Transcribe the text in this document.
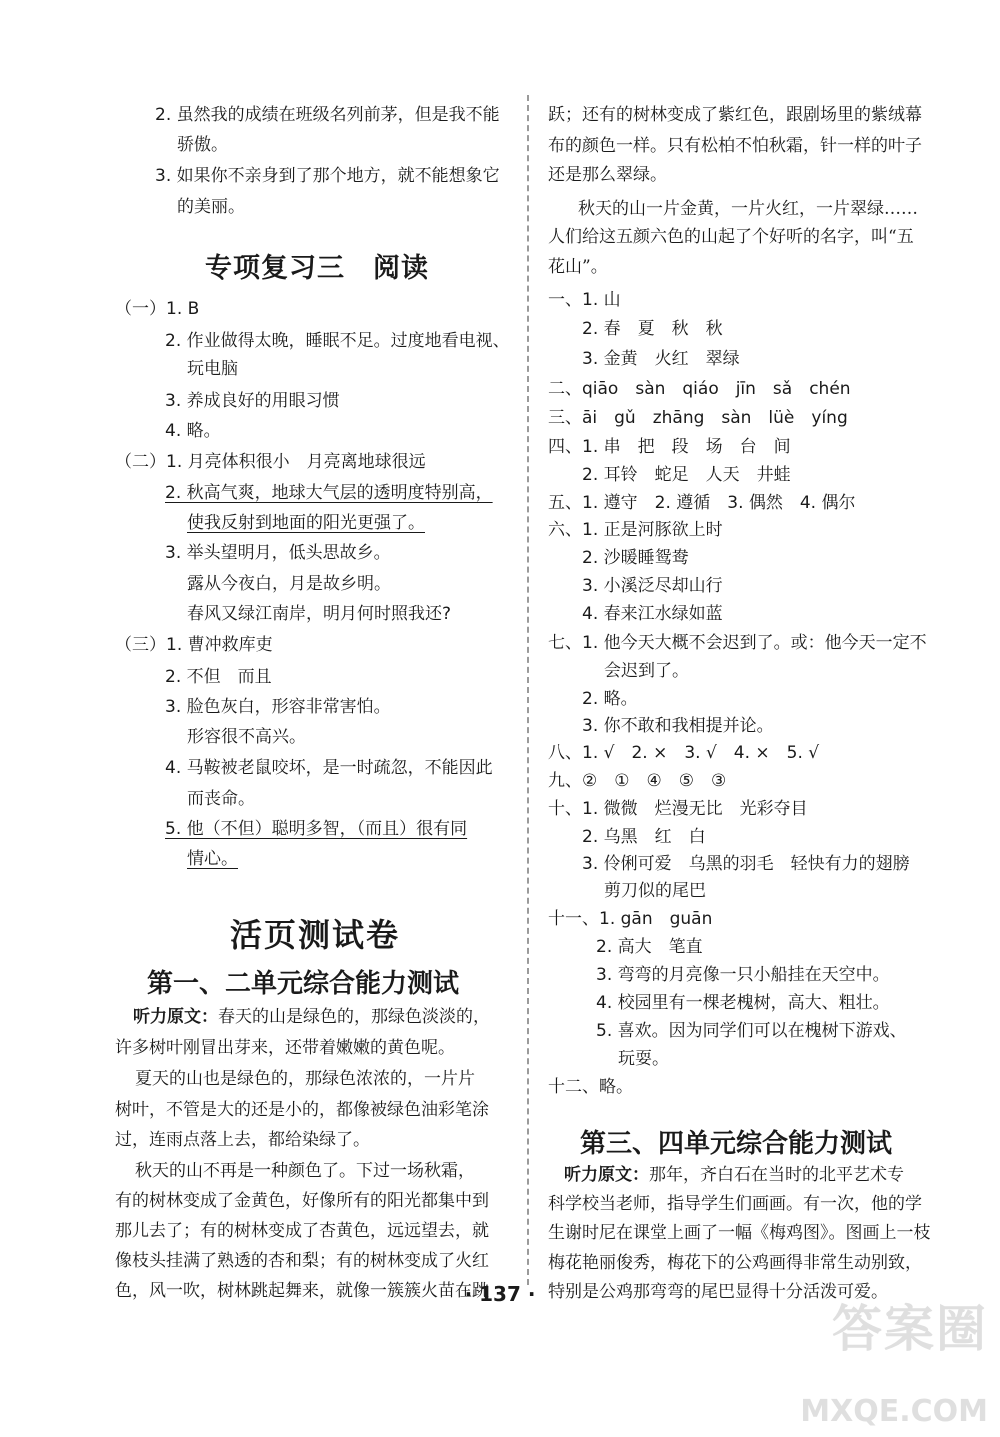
2. 虽然我的成绩在班级名列前茅，但是我不能
骄傲。
3. 如果你不亲身到了那个地方，就不能想象它
的美丽。
专项复习三　阅读
（一）1. B
2. 作业做得太晚，睡眠不足。过度地看电视、
玩电脑
3. 养成良好的用眼习惯
4. 略。
（二）1. 月亮体积很小　月亮离地球很远
2. 秋高气爽，地球大气层的透明度特别高，
使我反射到地面的阳光更强了。
3. 举头望明月，低头思故乡。
露从今夜白，月是故乡明。
春风又绿江南岸，明月何时照我还?
（三）1. 曹冲救库吏
2. 不但　而且
3. 脸色灰白，形容非常害怕。
形容很不高兴。
4. 马鞍被老鼠咬坏，是一时疏忽，不能因此
而丧命。
5. 他（不但）聪明多智，（而且）很有同
情心。
活页测试卷
第一、二单元综合能力测试
听力原文：春天的山是绿色的，那绿色淡淡的，
许多树叶刚冒出芽来，还带着嫩嫩的黄色呢。
夏天的山也是绿色的，那绿色浓浓的，一片片
树叶，不管是大的还是小的，都像被绿色油彩笔涂
过，连雨点落上去，都给染绿了。
秋天的山不再是一种颜色了。下过一场秋霜，
有的树林变成了金黄色，好像所有的阳光都集中到
那儿去了；有的树林变成了杏黄色，远远望去，就
像枝头挂满了熟透的杏和梨；有的树林变成了火红
色，风一吹，树林跳起舞来，就像一簇簇火苗在跳
跃；还有的树林变成了紫红色，跟剧场里的紫绒幕
布的颜色一样。只有松柏不怕秋霜，针一样的叶子
还是那么翠绿。
秋天的山一片金黄，一片火红，一片翠绿……
人们给这五颜六色的山起了个好听的名字，叫“五
花山”。
一、1. 山
2. 春　夏　秋　秋
3. 金黄　火红　翠绿
二、qiāo　sàn　qiáo　jīn　sǎ　chén
三、āi　gǔ　zhāng　sàn　lüè　yíng
四、1. 串　把　段　场　台　间
2. 耳铃　蛇足　人天　井蛙
五、1. 遵守　2. 遵循　3. 偶然　4. 偶尔
六、1. 正是河豚欲上时
2. 沙暖睡鸳鸯
3. 小溪泛尽却山行
4. 春来江水绿如蓝
七、1. 他今天大概不会迟到了。或：他今天一定不
会迟到了。
2. 略。
3. 你不敢和我相提并论。
八、1. √　2. ×　3. √　4. ×　5. √
九、②　①　④　⑤　③
十、1. 微微　烂漫无比　光彩夺目
2. 乌黑　红　白
3. 伶俐可爱　乌黑的羽毛　轻快有力的翅膀
剪刀似的尾巴
十一、1. gān　guān
2. 高大　笔直
3. 弯弯的月亮像一只小船挂在天空中。
4. 校园里有一棵老槐树，高大、粗壮。
5. 喜欢。因为同学们可以在槐树下游戏、
玩耍。
十二、略。
第三、四单元综合能力测试
听力原文：那年，齐白石在当时的北平艺术专
科学校当老师，指导学生们画画。有一次，他的学
生谢时尼在课堂上画了一幅《梅鸡图》。图画上一枝
梅花艳丽俊秀，梅花下的公鸡画得非常生动别致，
特别是公鸡那弯弯的尾巴显得十分活泼可爱。
· 137 ·
答案圈
MXQE.COM
